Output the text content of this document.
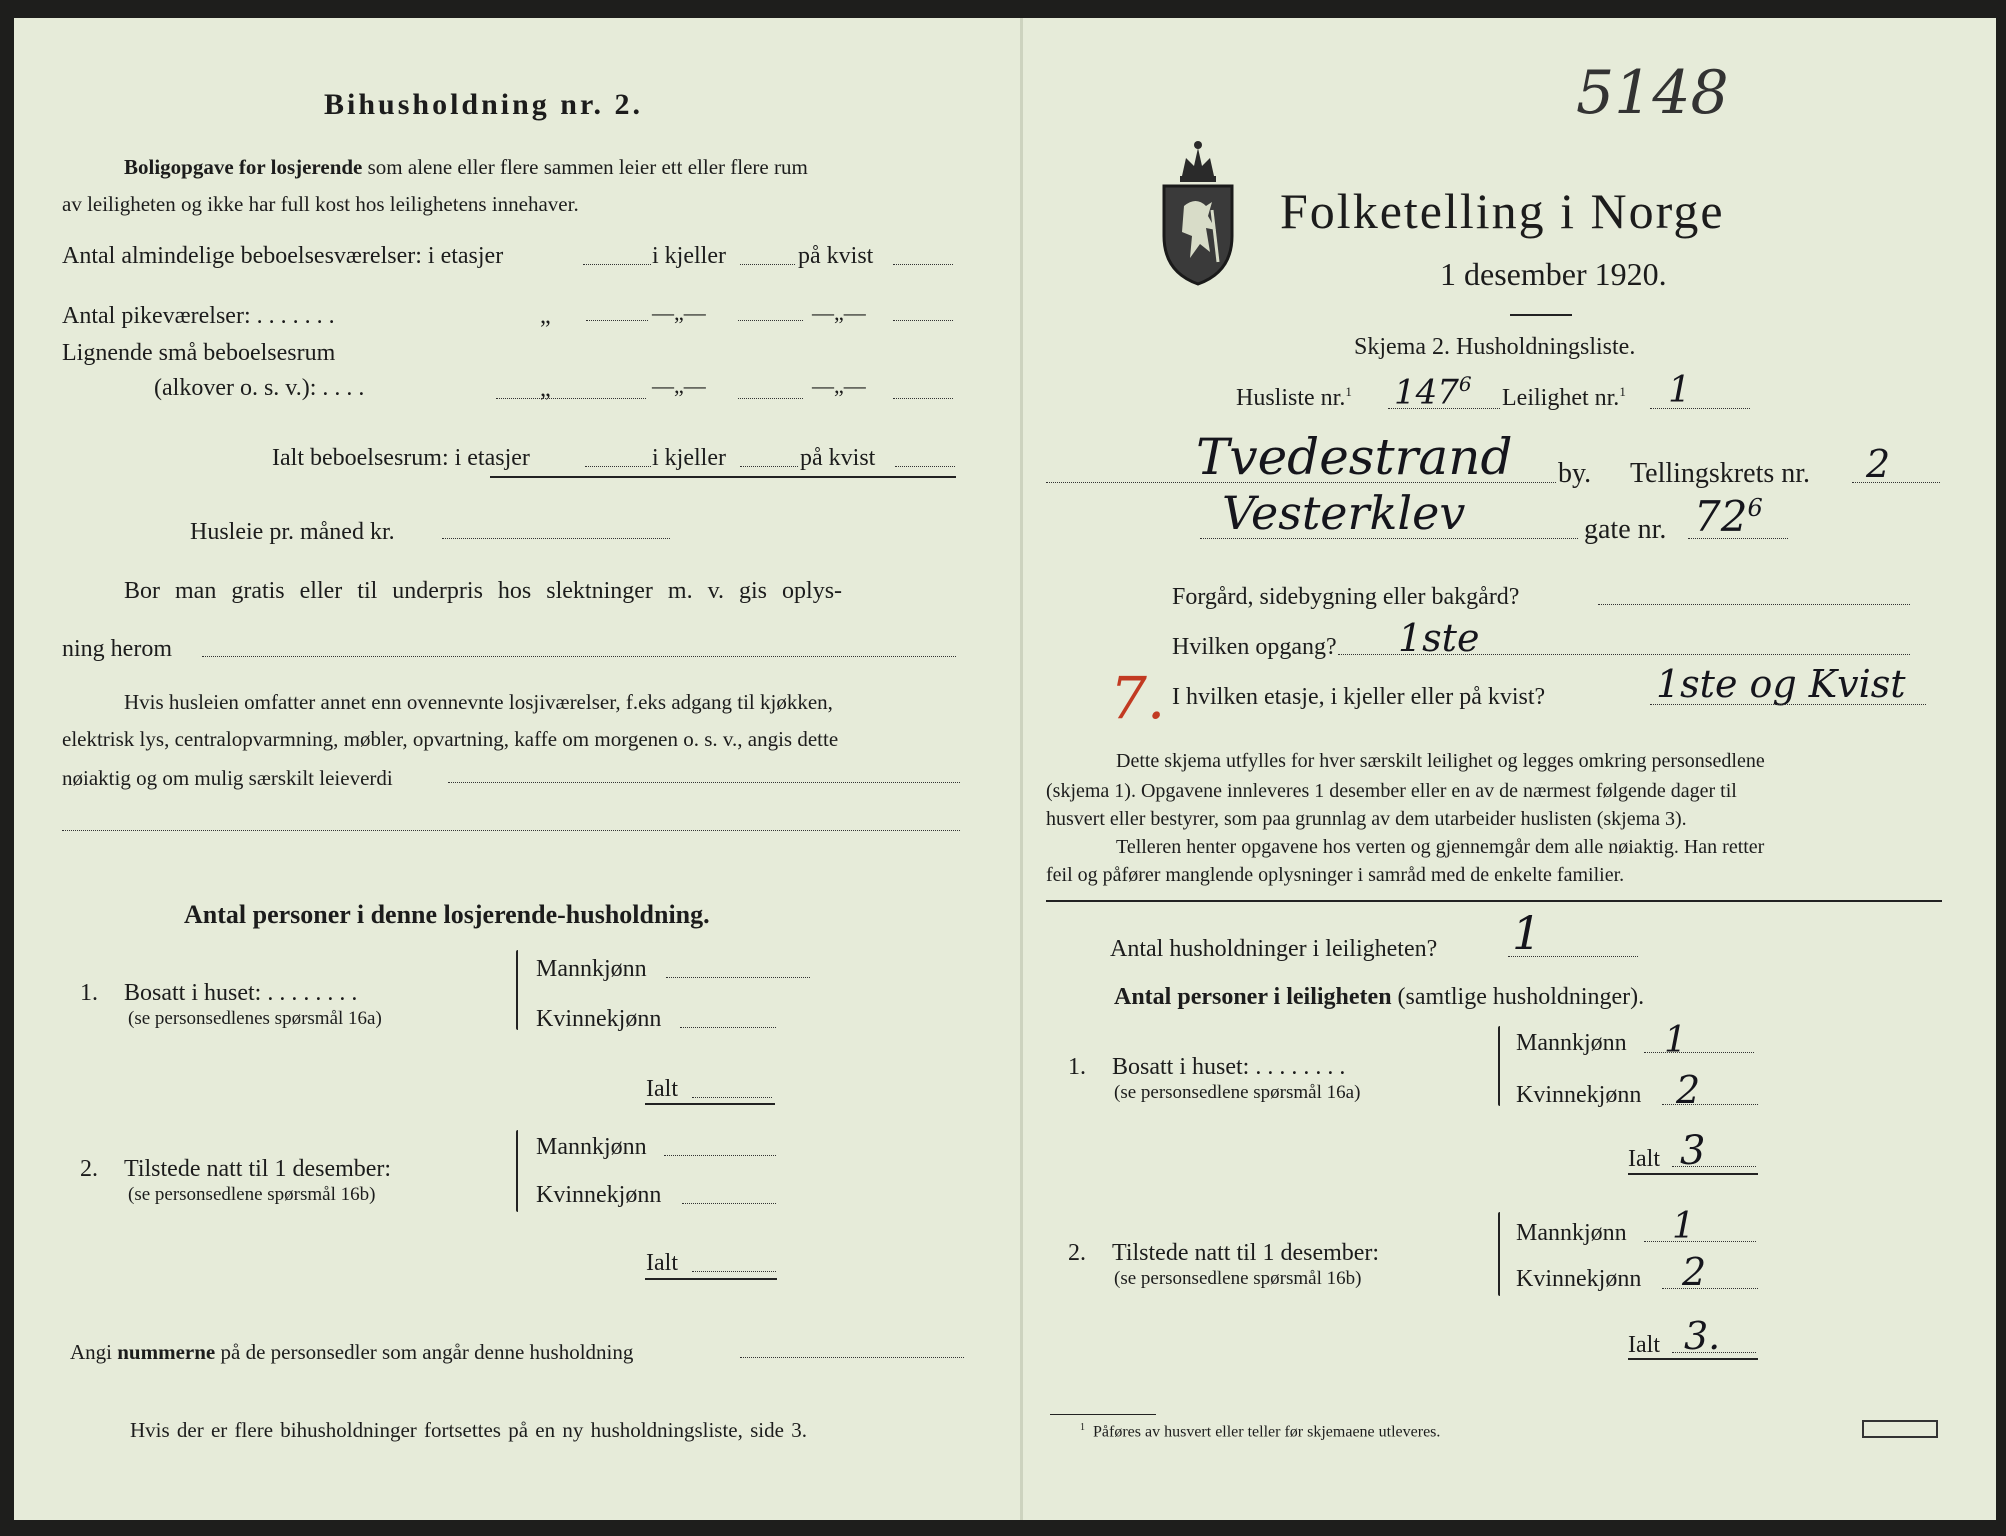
Bihusholdning nr. 2.
Boligopgave for losjerende som alene eller flere sammen leier ett eller flere rum
av leiligheten og ikke har full kost hos leilighetens innehaver.
Antal almindelige beboelsesværelser: i etasjer	i kjeller	på kvist
Antal pikeværelser: . . . . . . .	„	—„—	—„—
Lignende små beboelsesrum
(alkover o. s. v.): . . . .	„	—„—	—„—
Ialt beboelsesrum: i etasjer	i kjeller	på kvist
Husleie pr. måned kr.
Bor man gratis eller til underpris hos slektninger m. v. gis oplys-
ning herom
Hvis husleien omfatter annet enn ovennevnte losjiværelser, f.eks adgang til kjøkken,
elektrisk lys, centralopvarmning, møbler, opvartning, kaffe om morgenen o. s. v., angis dette
nøiaktig og om mulig særskilt leieverdi
Antal personer i denne losjerende-husholdning.
1. Bosatt i huset: . . . . . . . .
(se personsedlenes spørsmål 16a)
Mannkjønn
Kvinnekjønn
Ialt
2. Tilstede natt til 1 desember:
(se personsedlene spørsmål 16b)
Mannkjønn
Kvinnekjønn
Ialt
Angi nummerne på de personsedler som angår denne husholdning
Hvis der er flere bihusholdninger fortsettes på en ny husholdningsliste, side 3.
5148
Folketelling i Norge
1 desember 1920.
Skjema 2. Husholdningsliste.
Husliste nr.$^1$ $147^6$
Leilighet nr.$^1$ 1
Tvedestrand by. Tellingskrets nr. 2
Vesterklev	gate nr. $72^6$
Forgård, sidebygning eller bakgård?
Hvilken opgang? 1ste
7. I hvilken etasje, i kjeller eller på kvist?	1ste og Kvist
Dette skjema utfylles for hver særskilt leilighet og legges omkring personsedlene
(skjema 1). Opgavene innleveres 1 desember eller en av de nærmest følgende dager til
husvert eller bestyrer, som paa grunnlag av dem utarbeider huslisten (skjema 3).
Telleren henter opgavene hos verten og gjennemgår dem alle nøiaktig. Han retter
feil og påfører manglende oplysninger i samråd med de enkelte familier.
Antal husholdninger i leiligheten? 1
Antal personer i leiligheten (samtlige husholdninger).
1. Bosatt i huset: . . . . . . . .
(se personsedlene spørsmål 16a)
Mannkjønn 1
Kvinnekjønn 2
Ialt 3
2. Tilstede natt til 1 desember:
(se personsedlene spørsmål 16b)
Mannkjønn 1
Kvinnekjønn 2
Ialt 3.
$^1$ Påføres av husvert eller teller før skjemaene utleveres.
